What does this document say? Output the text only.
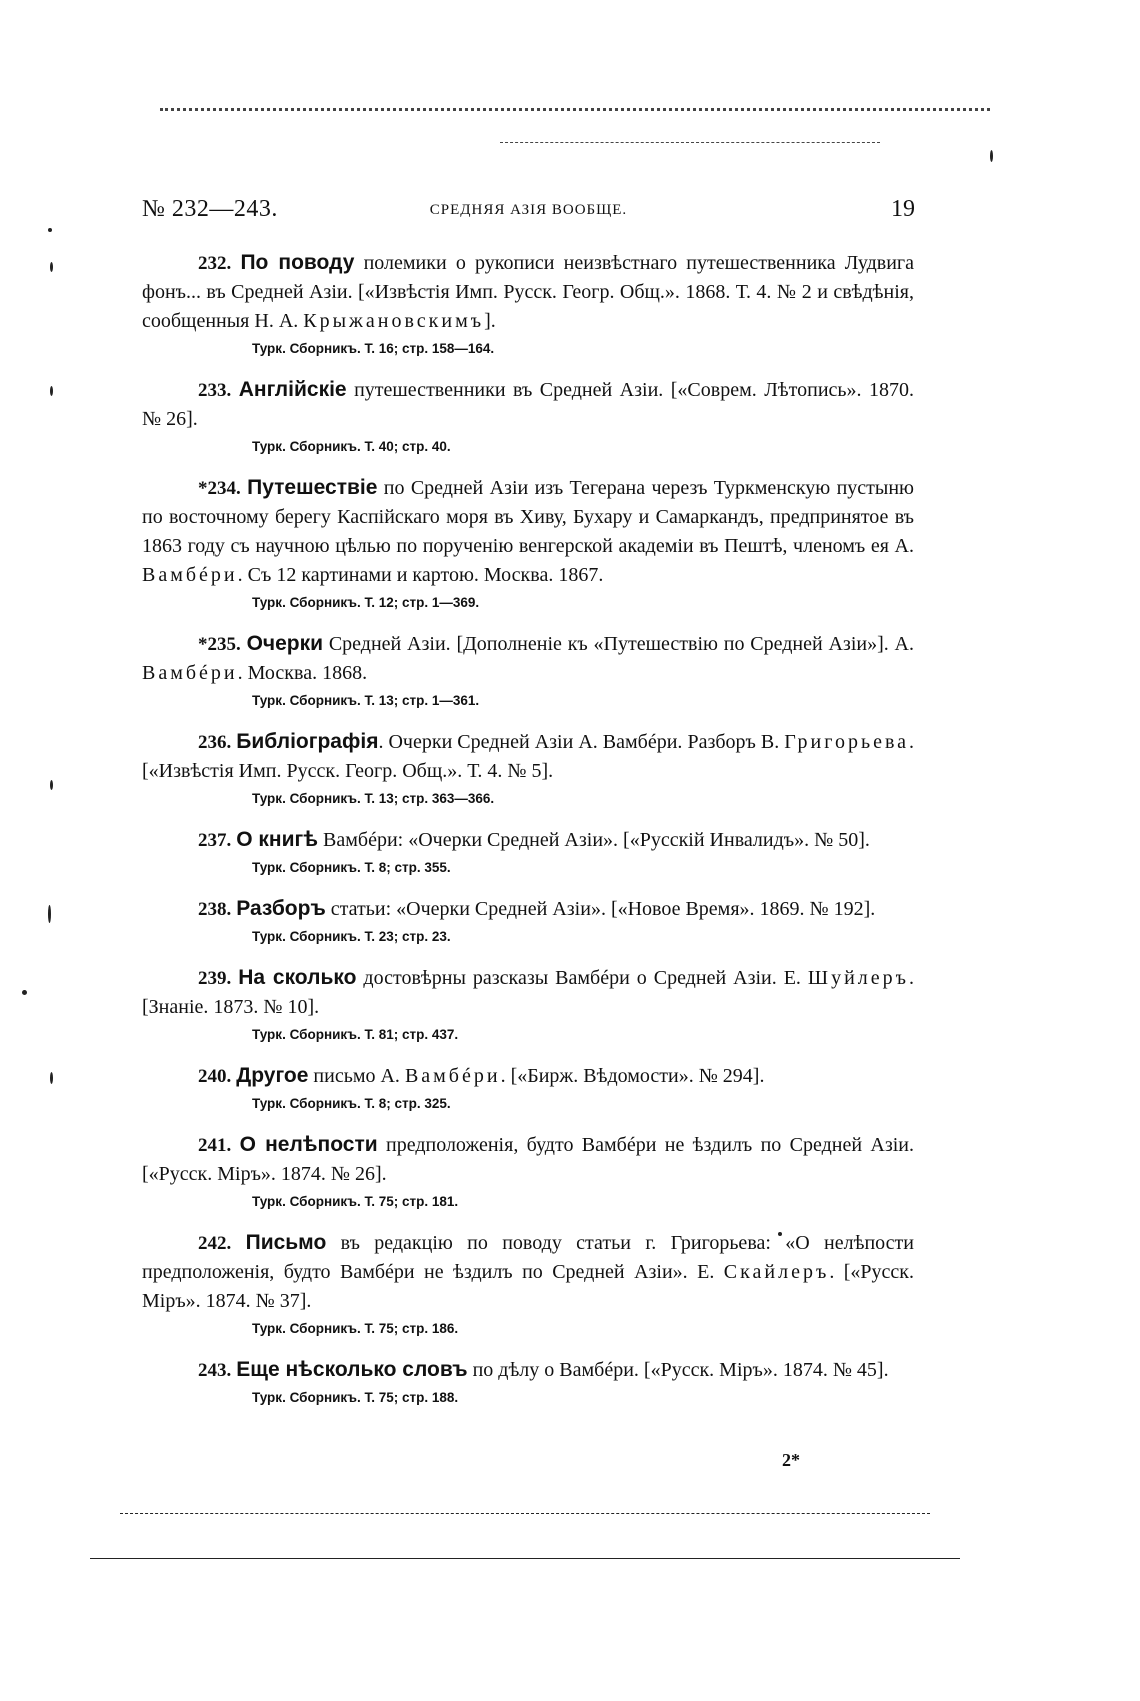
№ 232—243.	СРЕДНЯЯ АЗІЯ ВООБЩЕ.	19
232. По поводу полемики о рукописи неизвѣстнаго путешественника Лудвига фонъ... въ Средней Азіи. [«Извѣстія Имп. Русск. Геогр. Общ.». 1868. Т. 4. № 2 и свѣдѣнія, сообщенныя Н. А. Крыжановскимъ].
Турк. Сборникъ. Т. 16; стр. 158—164.
233. Англійскіе путешественники въ Средней Азіи. [«Соврем. Лѣтопись». 1870. № 26].
Турк. Сборникъ. Т. 40; стр. 40.
*234. Путешествіе по Средней Азіи изъ Тегерана черезъ Туркменскую пустыню по восточному берегу Каспійскаго моря въ Хиву, Бухару и Самаркандъ, предпринятое въ 1863 году съ научною цѣлью по порученію венгерской академіи въ Пештѣ, членомъ ея А. Вамбéри. Съ 12 картинами и картою. Москва. 1867.
Турк. Сборникъ. Т. 12; стр. 1—369.
*235. Очерки Средней Азіи. [Дополненіе къ «Путешествію по Средней Азіи»]. А. Вамбéри. Москва. 1868.
Турк. Сборникъ. Т. 13; стр. 1—361.
236. Библіографія. Очерки Средней Азіи А. Вамбéри. Разборъ В. Григорьева. [«Извѣстія Имп. Русск. Геогр. Общ.». Т. 4. № 5].
Турк. Сборникъ. Т. 13; стр. 363—366.
237. О книгѣ Вамбéри: «Очерки Средней Азіи». [«Русскій Инвалидъ». № 50].
Турк. Сборникъ. Т. 8; стр. 355.
238. Разборъ статьи: «Очерки Средней Азіи». [«Новое Время». 1869. № 192].
Турк. Сборникъ. Т. 23; стр. 23.
239. На сколько достовѣрны разсказы Вамбéри о Средней Азіи. Е. Шуйлеръ. [Знаніе. 1873. № 10].
Турк. Сборникъ. Т. 81; стр. 437.
240. Другое письмо А. Вамбéри. [«Бирж. Вѣдомости». № 294].
Турк. Сборникъ. Т. 8; стр. 325.
241. О нелѣпости предположенія, будто Вамбéри не ѣздилъ по Средней Азіи. [«Русск. Міръ». 1874. № 26].
Турк. Сборникъ. Т. 75; стр. 181.
242. Письмо въ редакцію по поводу статьи г. Григорьева: «О нелѣпости предположенія, будто Вамбéри не ѣздилъ по Средней Азіи». Е. Скайлеръ. [«Русск. Міръ». 1874. № 37].
Турк. Сборникъ. Т. 75; стр. 186.
243. Еще нѣсколько словъ по дѣлу о Вамбéри. [«Русск. Міръ». 1874. № 45].
Турк. Сборникъ. Т. 75; стр. 188.
2*
